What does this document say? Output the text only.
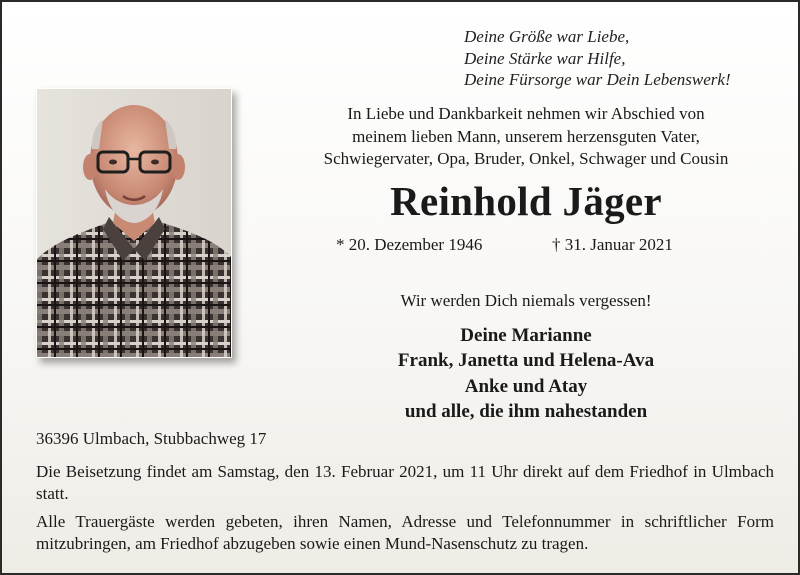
Deine Größe war Liebe,
Deine Stärke war Hilfe,
Deine Fürsorge war Dein Lebenswerk!
In Liebe und Dankbarkeit nehmen wir Abschied von
meinem lieben Mann, unserem herzensguten Vater,
Schwiegervater, Opa, Bruder, Onkel, Schwager und Cousin
Reinhold Jäger
* 20. Dezember 1946	† 31. Januar 2021
Wir werden Dich niemals vergessen!
Deine Marianne
Frank, Janetta und Helena-Ava
Anke und Atay
und alle, die ihm nahestanden
36396 Ulmbach, Stubbachweg 17
Die Beisetzung findet am Samstag, den 13. Februar 2021, um 11 Uhr direkt auf dem Friedhof in Ulmbach statt.
Alle Trauergäste werden gebeten, ihren Namen, Adresse und Telefonnummer in schriftlicher Form mitzubringen, am Friedhof abzugeben sowie einen Mund-Nasenschutz zu tragen.
